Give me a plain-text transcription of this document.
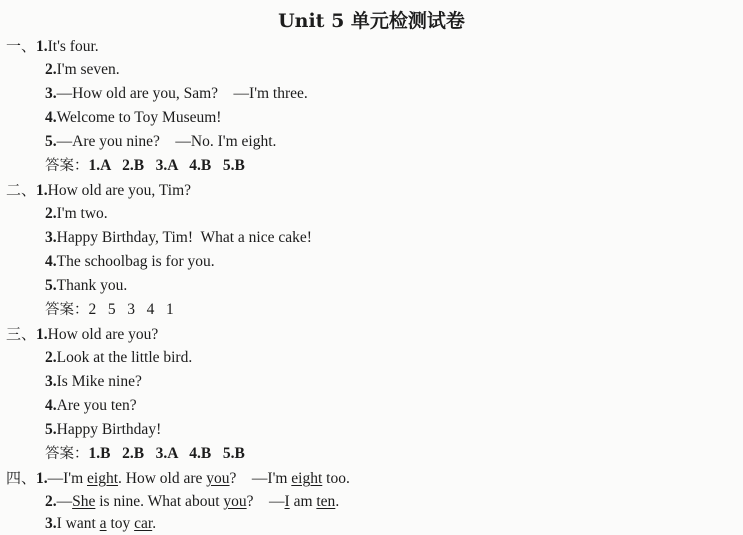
Unit 5 单元检测试卷
一、1.It's four.
2.I'm seven.
3.—How old are you, Sam?    —I'm three.
4.Welcome to Toy Museum!
5.—Are you nine?    —No. I'm eight.
答案：1.A   2.B   3.A   4.B   5.B
二、1.How old are you, Tim?
2.I'm two.
3.Happy Birthday, Tim!  What a nice cake!
4.The schoolbag is for you.
5.Thank you.
答案：2   5   3   4   1
三、1.How old are you?
2.Look at the little bird.
3.Is Mike nine?
4.Are you ten?
5.Happy Birthday!
答案：1.B   2.B   3.A   4.B   5.B
四、1.—I'm eight. How old are you?    —I'm eight too.
2.—She is nine. What about you?    —I am ten.
3.I want a toy car.
